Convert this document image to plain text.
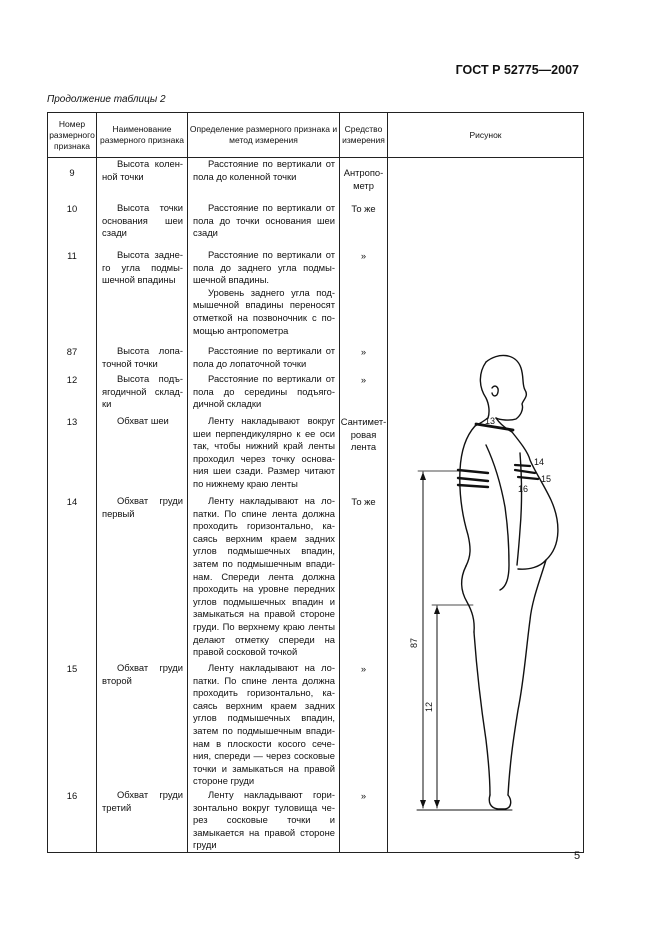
ГОСТ Р 52775—2007
Продолжение таблицы 2
Номер размерного признака	Наименование размерного признака	Определение размерного признака и метод измерения	Средство измерения	Рисунок
9	Высота коленной точки	Расстояние по вертикали от пола до коленной точки	Антропометр	
10	Высота точки основания шеи сзади	Расстояние по вертикали от пола до точки основания шеи сзади	То же	
11	Высота заднего угла подмышечной впадины	Расстояние по вертикали от пола до заднего угла подмышечной впадины.
Уровень заднего угла подмышечной впадины переносят отметкой на позвоночник с помощью антропометра	»	
87	Высота лопаточной точки	Расстояние по вертикали от пола до лопаточной точки	»	
12	Высота подъягодичной складки	Расстояние по вертикали от пола до середины подъягодичной складки	»	
13	Обхват шеи	Ленту накладывают вокруг шеи перпендикулярно к ее оси так, чтобы нижний край ленты проходил через точку основания шеи сзади. Размер читают по нижнему краю ленты	Сантиметровая лента	
14	Обхват груди первый	Ленту накладывают на лопатки. По спине лента должна проходить горизонтально, касаясь верхним краем задних углов подмышечных впадин, затем по подмышечным впадинам. Спереди лента должна проходить на уровне передних углов подмышечных впадин и замыкаться на правой стороне груди. По верхнему краю ленты делают отметку спереди на правой сосковой точкой	То же	
15	Обхват груди второй	Ленту накладывают на лопатки. По спине лента должна проходить горизонтально, касаясь верхним краем задних углов подмышечных впадин, затем по подмышечным впадинам в плоскости косого сечения, спереди — через сосковые точки и замыкаться на правой стороне груди	»	
16	Обхват груди третий	Ленту накладывают горизонтально вокруг туловища через сосковые точки и замыкается на правой стороне груди	»	
13
14
15
16
87
12
5
